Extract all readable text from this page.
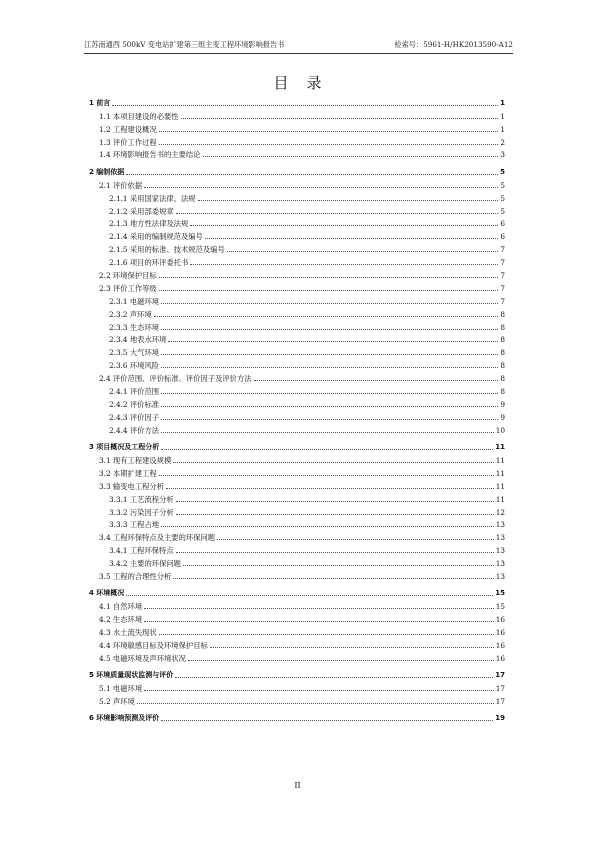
江苏南通西 500kV 变电站扩建第三组主变工程环境影响报告书	检索号：5961-H/HK2013590-A12
目录
1 前言	1
1.1 本项目建设的必要性	1
1.2 工程建设概况	1
1.3 评价工作过程	2
1.4 环境影响报告书的主要结论	3
2 编制依据	5
2.1 评价依据	5
2.1.1 采用国家法律、法规	5
2.1.2 采用部委规章	5
2.1.3 地方性法律及法规	6
2.1.4 采用的编制规范及编号	6
2.1.5 采用的标准、技术规范及编号	7
2.1.6 项目的环评委托书	7
2.2 环境保护目标	7
2.3 评价工作等级	7
2.3.1 电磁环境	7
2.3.2 声环境	8
2.3.3 生态环境	8
2.3.4 地表水环境	8
2.3.5 大气环境	8
2.3.6 环境风险	8
2.4 评价范围、评价标准、评价因子及评价方法	8
2.4.1 评价范围	8
2.4.2 评价标准	9
2.4.3 评价因子	9
2.4.4 评价方法	10
3 项目概况及工程分析	11
3.1 现有工程建设规模	11
3.2 本期扩建工程	11
3.3 输变电工程分析	11
3.3.1 工艺流程分析	11
3.3.2 污染因子分析	12
3.3.3 工程占地	13
3.4 工程环保特点及主要的环保问题	13
3.4.1 工程环保特点	13
3.4.2 主要的环保问题	13
3.5 工程的合理性分析	13
4 环境概况	15
4.1 自然环境	15
4.2 生态环境	16
4.3 水土流失现状	16
4.4 环境敏感目标及环境保护目标	16
4.5 电磁环境及声环境状况	16
5 环境质量现状监测与评价	17
5.1 电磁环境	17
5.2 声环境	17
6 环境影响预测及评价	19
II
